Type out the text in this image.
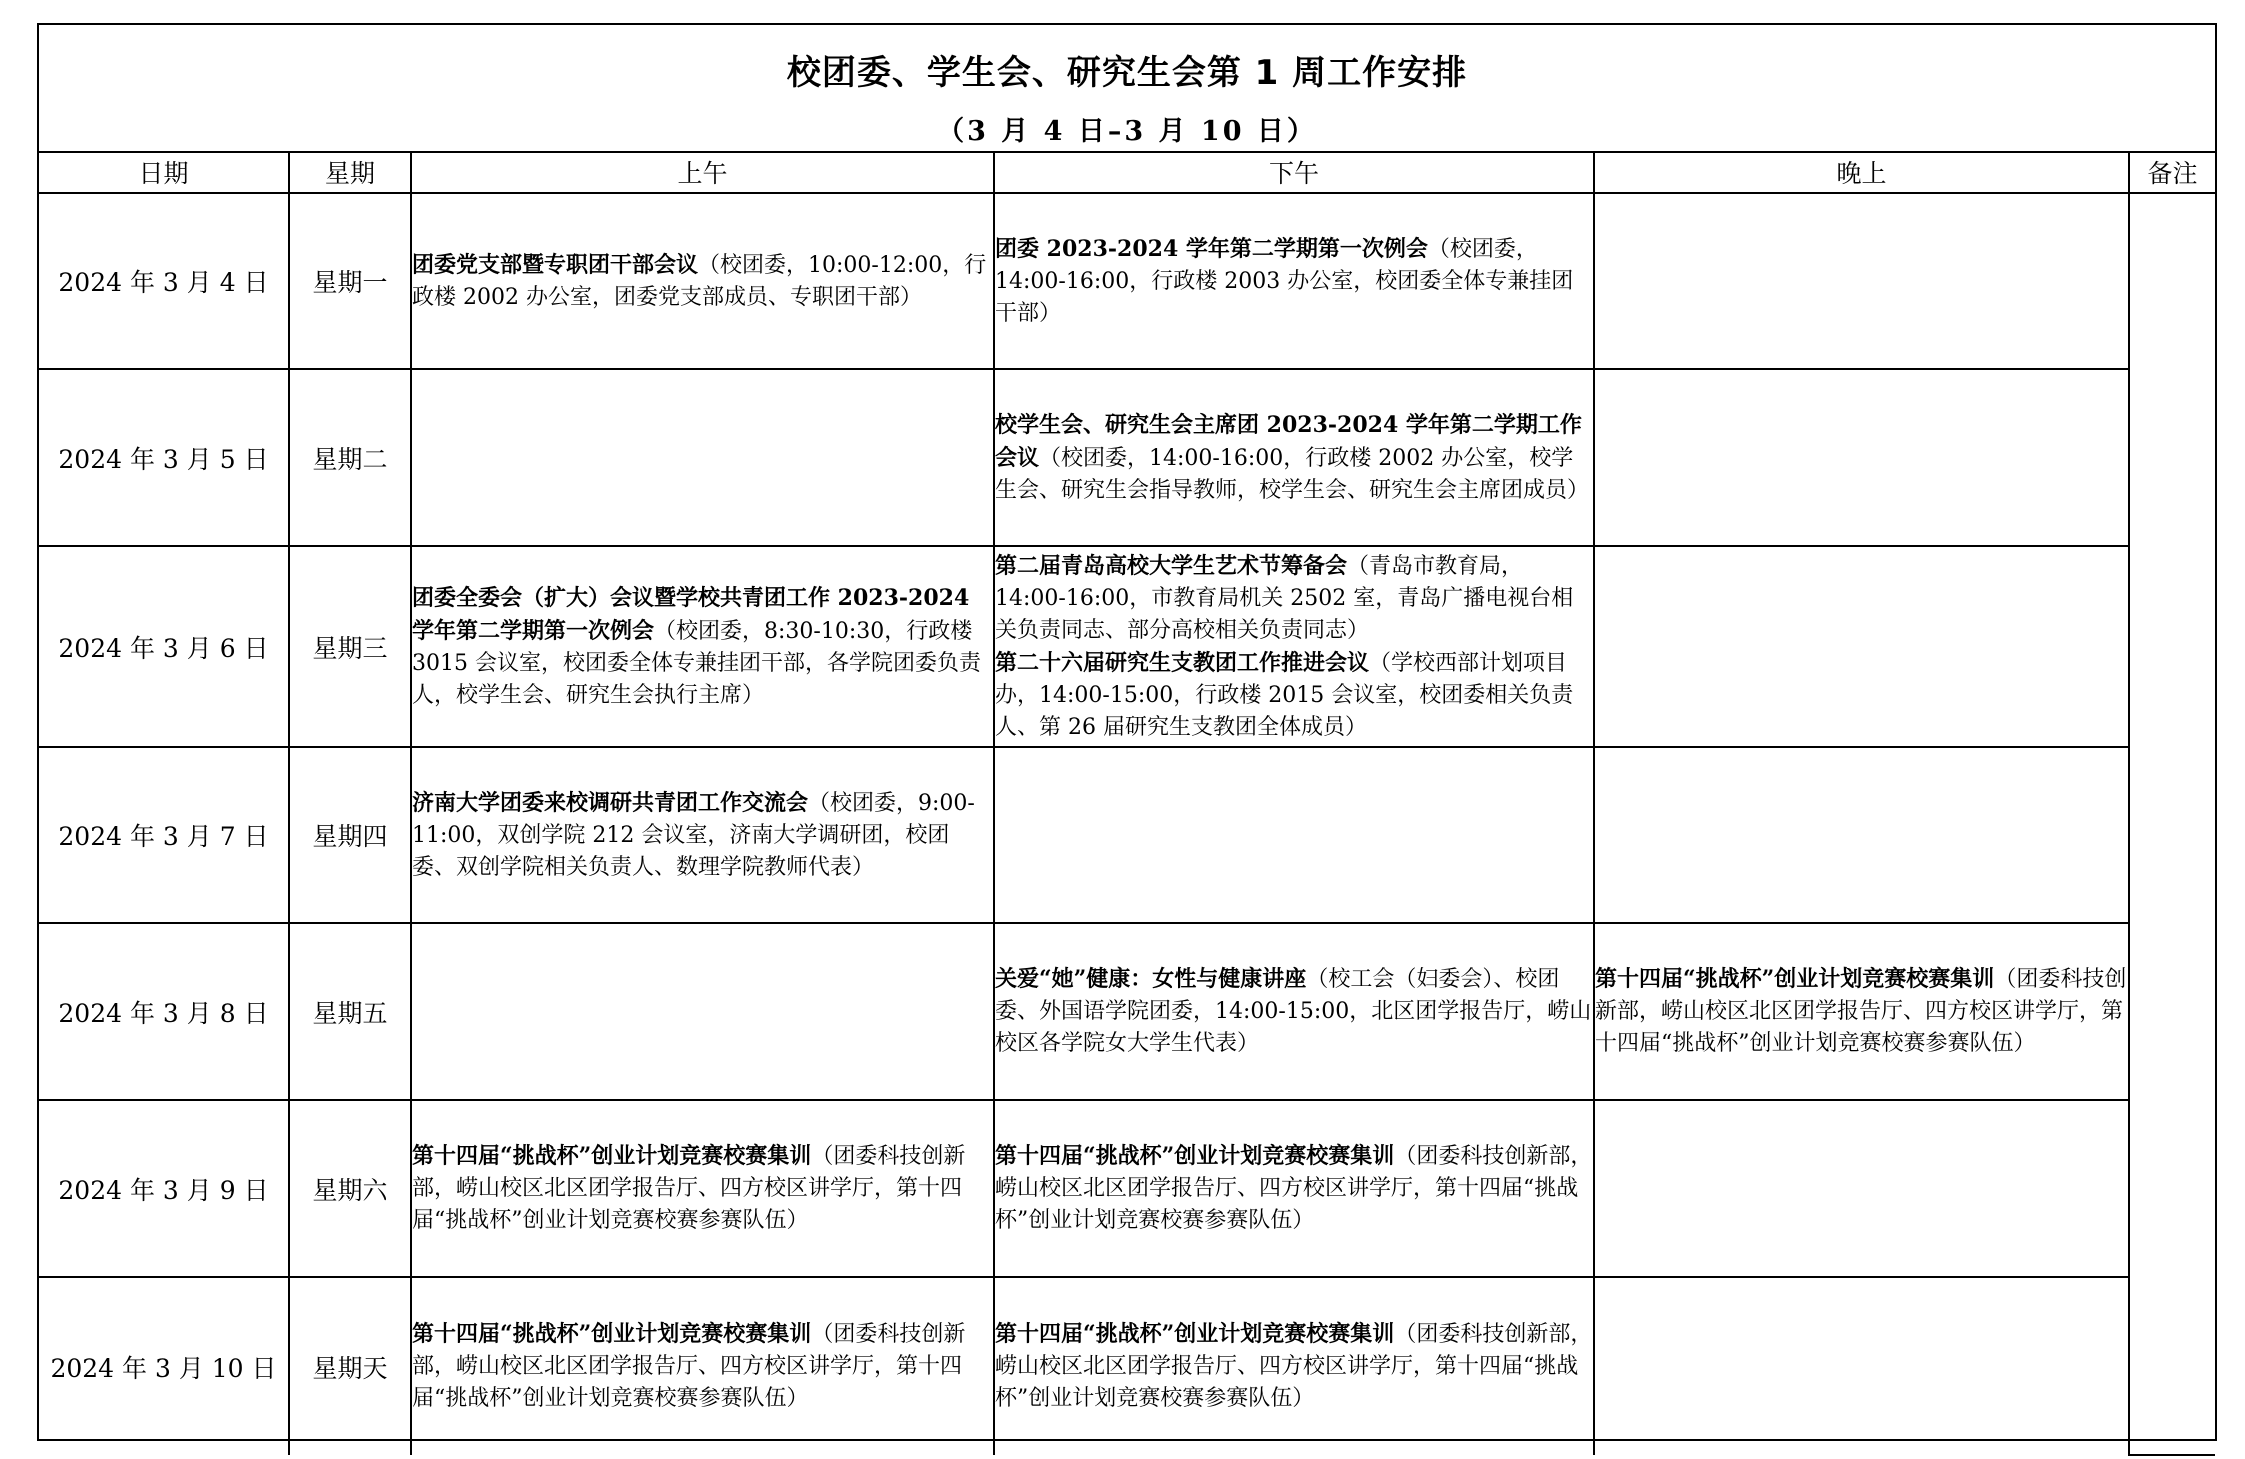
校团委、学生会、研究生会第 1 周工作安排
（3 月 4 日–3 月 10 日）
日期	星期	上午	下午	晚上	备注
2024 年 3 月 4 日	星期一	团委党支部暨专职团干部会议（校团委，10:00-12:00，行政楼 2002 办公室，团委党支部成员、专职团干部）	团委 2023-2024 学年第二学期第一次例会（校团委，14:00-16:00，行政楼 2003 办公室，校团委全体专兼挂团干部）		

2024 年 3 月 5 日	星期二		校学生会、研究生会主席团 2023-2024 学年第二学期工作会议（校团委，14:00-16:00，行政楼 2002 办公室，校学生会、研究生会指导教师，校学生会、研究生会主席团成员）		

2024 年 3 月 6 日	星期三	团委全委会（扩大）会议暨学校共青团工作 2023-2024 学年第二学期第一次例会（校团委，8:30-10:30，行政楼 3015 会议室，校团委全体专兼挂团干部，各学院团委负责人，校学生会、研究生会执行主席）	第二届青岛高校大学生艺术节筹备会（青岛市教育局，14:00-16:00，市教育局机关 2502 室，青岛广播电视台相关负责同志、部分高校相关负责同志）
第二十六届研究生支教团工作推进会议（学校西部计划项目办，14:00-15:00，行政楼 2015 会议室，校团委相关负责人、第 26 届研究生支教团全体成员）		

2024 年 3 月 7 日	星期四	济南大学团委来校调研共青团工作交流会（校团委，9:00-11:00，双创学院 212 会议室，济南大学调研团，校团委、双创学院相关负责人、数理学院教师代表）			

2024 年 3 月 8 日	星期五		关爱“她”健康：女性与健康讲座（校工会（妇委会）、校团委、外国语学院团委，14:00-15:00，北区团学报告厅，崂山校区各学院女大学生代表）	第十四届“挑战杯”创业计划竞赛校赛集训（团委科技创新部，崂山校区北区团学报告厅、四方校区讲学厅，第十四届“挑战杯”创业计划竞赛校赛参赛队伍）	

2024 年 3 月 9 日	星期六	第十四届“挑战杯”创业计划竞赛校赛集训（团委科技创新部，崂山校区北区团学报告厅、四方校区讲学厅，第十四届“挑战杯”创业计划竞赛校赛参赛队伍）	第十四届“挑战杯”创业计划竞赛校赛集训（团委科技创新部，崂山校区北区团学报告厅、四方校区讲学厅，第十四届“挑战杯”创业计划竞赛校赛参赛队伍）		

2024 年 3 月 10 日	星期天	第十四届“挑战杯”创业计划竞赛校赛集训（团委科技创新部，崂山校区北区团学报告厅、四方校区讲学厅，第十四届“挑战杯”创业计划竞赛校赛参赛队伍）	第十四届“挑战杯”创业计划竞赛校赛集训（团委科技创新部，崂山校区北区团学报告厅、四方校区讲学厅，第十四届“挑战杯”创业计划竞赛校赛参赛队伍）		
